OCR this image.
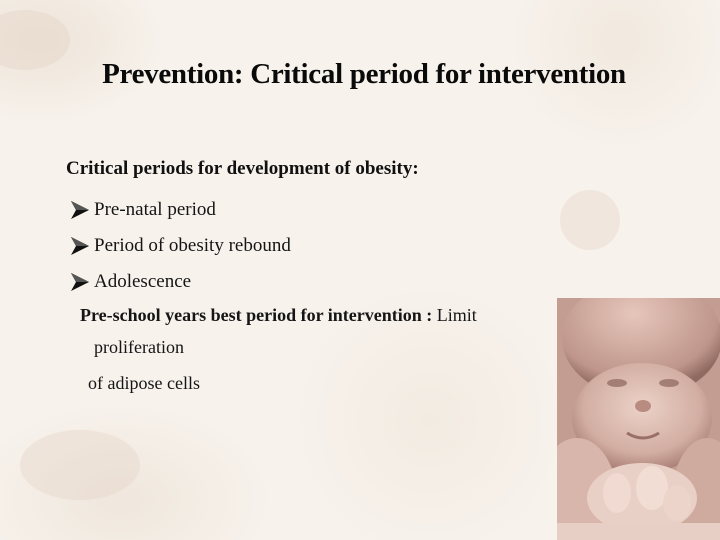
Prevention: Critical period for intervention
Critical periods for development of obesity:
Pre-natal period
Period of obesity rebound
Adolescence
Pre-school years best period for intervention : Limit
proliferation
of adipose cells
